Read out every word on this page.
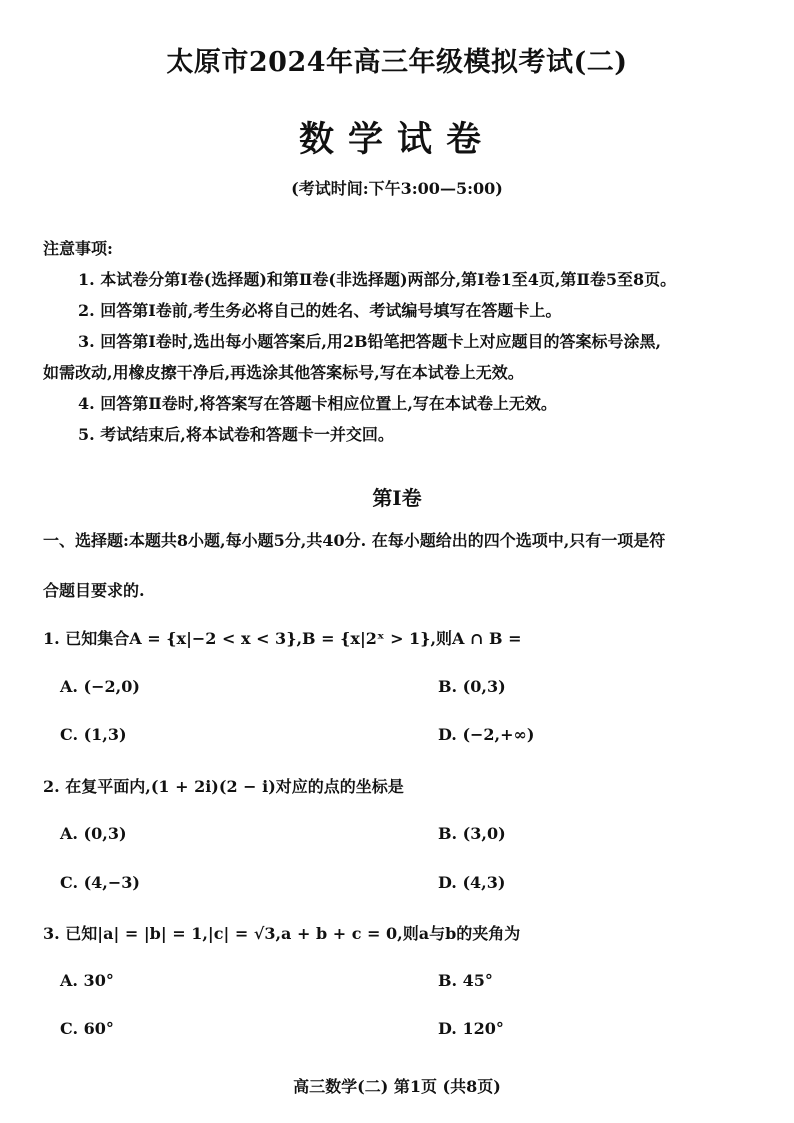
太原市2024年高三年级模拟考试(二)
数学试卷
(考试时间:下午3:00—5:00)
注意事项:
1. 本试卷分第Ⅰ卷(选择题)和第Ⅱ卷(非选择题)两部分,第Ⅰ卷1至4页,第Ⅱ卷5至8页。
2. 回答第Ⅰ卷前,考生务必将自己的姓名、考试编号填写在答题卡上。
3. 回答第Ⅰ卷时,选出每小题答案后,用2B铅笔把答题卡上对应题目的答案标号涂黑,
如需改动,用橡皮擦干净后,再选涂其他答案标号,写在本试卷上无效。
4. 回答第Ⅱ卷时,将答案写在答题卡相应位置上,写在本试卷上无效。
5. 考试结束后,将本试卷和答题卡一并交回。
第Ⅰ卷
一、选择题:本题共8小题,每小题5分,共40分. 在每小题给出的四个选项中,只有一项是符
合题目要求的.
1. 已知集合A = {x|−2 < x < 3},B = {x|2ˣ > 1},则A ∩ B =
A. (−2,0)	B. (0,3)
C. (1,3)	D. (−2,+∞)
2. 在复平面内,(1 + 2i)(2 − i)对应的点的坐标是
A. (0,3)	B. (3,0)
C. (4,−3)	D. (4,3)
3. 已知|a| = |b| = 1,|c| = √3,a + b + c = 0,则a与b的夹角为
A. 30°	B. 45°
C. 60°	D. 120°
高三数学(二) 第1页 (共8页)
